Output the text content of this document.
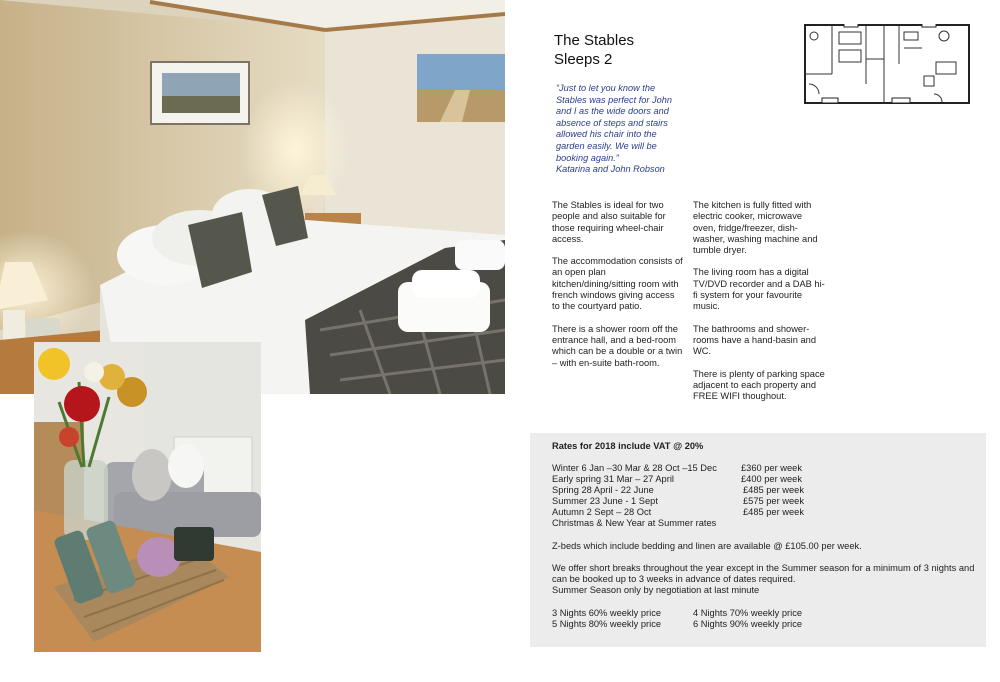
The Stables
Sleeps 2
“Just to let you know the Stables was perfect for John and I as the wide doors and absence of steps and stairs allowed his chair into the garden easily. We will be booking again.”
Katarina and John Robson

The Stables is ideal for two people and also suitable for those requiring wheel-chair access.

The accommodation consists of an open plan kitchen/dining/sitting room with french windows giving access to the courtyard patio.

There is a shower room off the entrance hall, and a bed-room which can be a double or a twin – with en-suite bath-room.

The kitchen is fully fitted with electric cooker, microwave oven, fridge/freezer, dish-washer, washing machine and tumble dryer.

The living room has a digital TV/DVD recorder and a DAB hi-fi system for your favourite music.

The bathrooms and shower-rooms have a hand-basin and WC.

There is plenty of parking space adjacent to each property and FREE WIFI thoughout.

Rates for 2018 include VAT @ 20%
Winter 6 Jan –30 Mar & 28 Oct –15 Dec	£360 per week
Early spring 31 Mar – 27 April	£400 per week
Spring 28 April - 22 June	£485 per week
Summer 23 June - 1 Sept	£575 per week
Autumn 2 Sept – 28 Oct	£485 per week
Christmas & New Year at Summer rates
Z-beds which include bedding and linen are available @ £105.00 per week.
We offer short breaks throughout the year except in the Summer season for a minimum of 3 nights and
can be booked up to 3 weeks in advance of dates required.
Summer Season only by negotiation at last minute
3 Nights 60% weekly price	4 Nights 70% weekly price
5 Nights 80% weekly price	6 Nights 90% weekly price
